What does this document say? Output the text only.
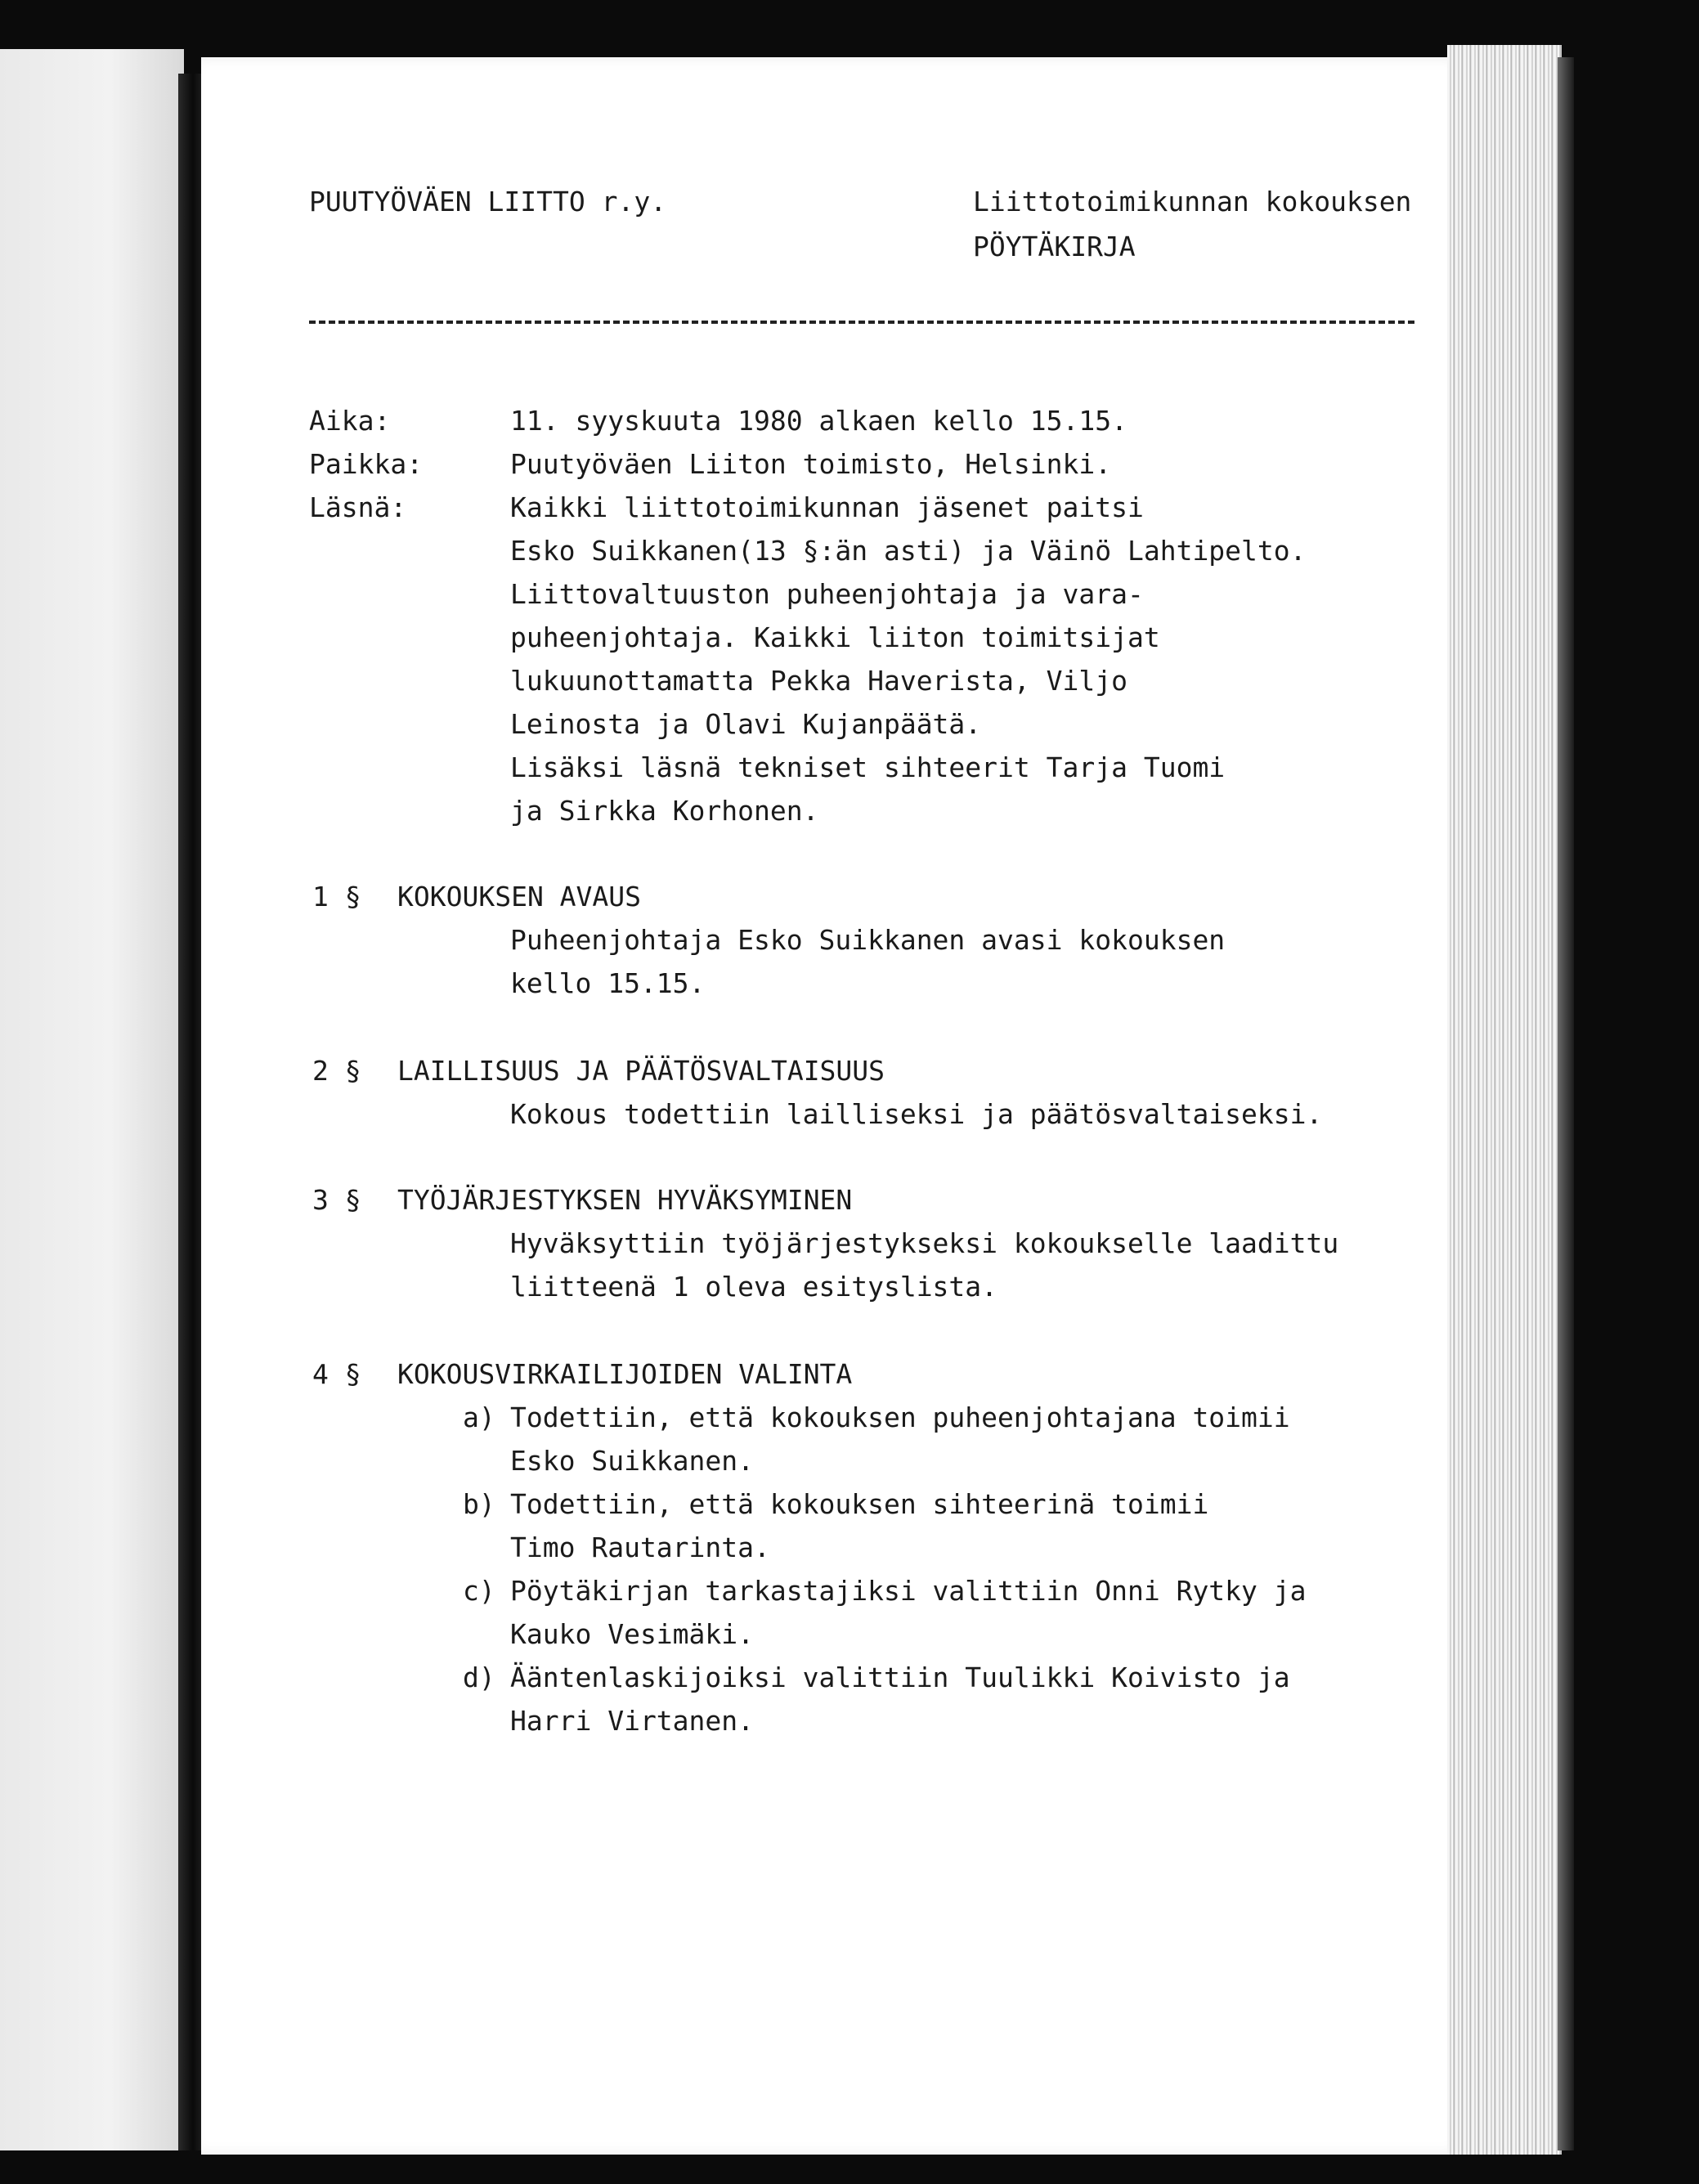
PUUTYÖVÄEN LIITTO r.y.	Liittotoimikunnan kokouksen
PÖYTÄKIRJA
Aika:	11. syyskuuta 1980 alkaen kello 15.15.
Paikka:	Puutyöväen Liiton toimisto, Helsinki.
Läsnä:	Kaikki liittotoimikunnan jäsenet paitsi
Esko Suikkanen(13 §:än asti) ja Väinö Lahtipelto.
Liittovaltuuston puheenjohtaja ja vara-
puheenjohtaja. Kaikki liiton toimitsijat
lukuunottamatta Pekka Haverista, Viljo
Leinosta ja Olavi Kujanpäätä.
Lisäksi läsnä tekniset sihteerit Tarja Tuomi
ja Sirkka Korhonen.
1 § KOKOUKSEN AVAUS
Puheenjohtaja Esko Suikkanen avasi kokouksen
kello 15.15.
2 § LAILLISUUS JA PÄÄTÖSVALTAISUUS
Kokous todettiin lailliseksi ja päätösvaltaiseksi.
3 § TYÖJÄRJESTYKSEN HYVÄKSYMINEN
Hyväksyttiin työjärjestykseksi kokoukselle laadittu
liitteenä 1 oleva esityslista.
4 § KOKOUSVIRKAILIJOIDEN VALINTA
a) Todettiin, että kokouksen puheenjohtajana toimii
Esko Suikkanen.
b) Todettiin, että kokouksen sihteerinä toimii
Timo Rautarinta.
c) Pöytäkirjan tarkastajiksi valittiin Onni Rytky ja
Kauko Vesimäki.
d) Ääntenlaskijoiksi valittiin Tuulikki Koivisto ja
Harri Virtanen.
